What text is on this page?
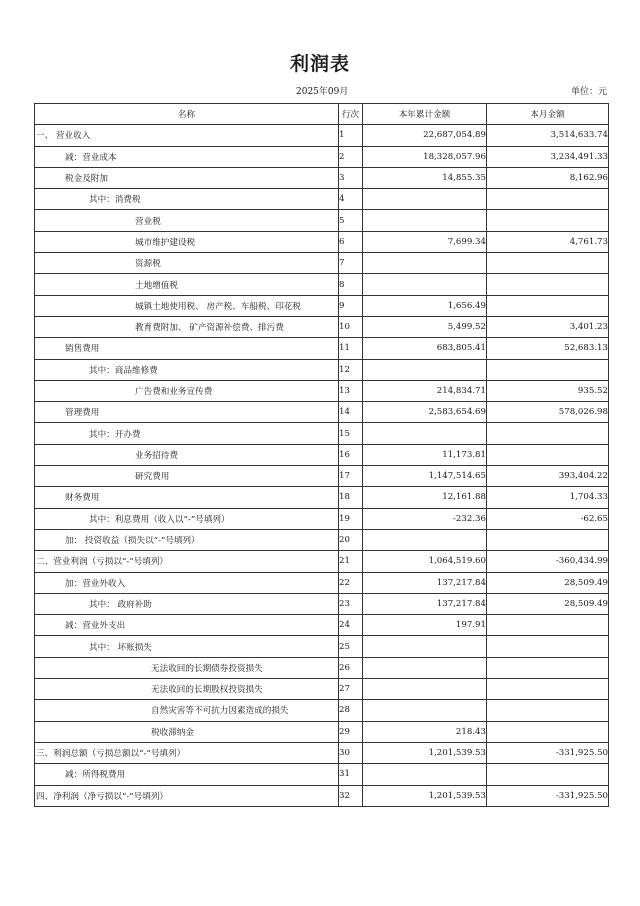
利润表
2025年09月	单位：元
名称	行次	本年累计金额	本月金额
一、 营业收入	1	22,687,054.89	3,514,633.74
减：营业成本	2	18,328,057.96	3,234,491.33
税金及附加	3	14,855.35	8,162.96
其中：消费税	4		
营业税	5		
城市维护建设税	6	7,699.34	4,761.73
资源税	7		
土地增值税	8		
城镇土地使用税、 房产税、车船税、印花税	9	1,656.49	
教育费附加、 矿产资源补偿费、排污费	10	5,499.52	3,401.23
销售费用	11	683,805.41	52,683.13
其中：商品维修费	12		
广告费和业务宣传费	13	214,834.71	935.52
管理费用	14	2,583,654.69	578,026.98
其中：开办费	15		
业务招待费	16	11,173.81	
研究费用	17	1,147,514.65	393,404.22
财务费用	18	12,161.88	1,704.33
其中：利息费用（收入以“-”号填列）	19	-232.36	-62.65
加： 投资收益（损失以“-”号填列）	20		
二、营业利润（亏损以“-”号填列）	21	1,064,519.60	-360,434.99
加：营业外收入	22	137,217.84	28,509.49
其中： 政府补助	23	137,217.84	28,509.49
减：营业外支出	24	197.91	
其中： 坏账损失	25		
无法收回的长期债券投资损失	26		
无法收回的长期股权投资损失	27		
自然灾害等不可抗力因素造成的损失	28		
税收滞纳金	29	218.43	
三、利润总额（亏损总额以“-”号填列）	30	1,201,539.53	-331,925.50
减：所得税费用	31		
四、净利润（净亏损以“-”号填列）	32	1,201,539.53	-331,925.50
